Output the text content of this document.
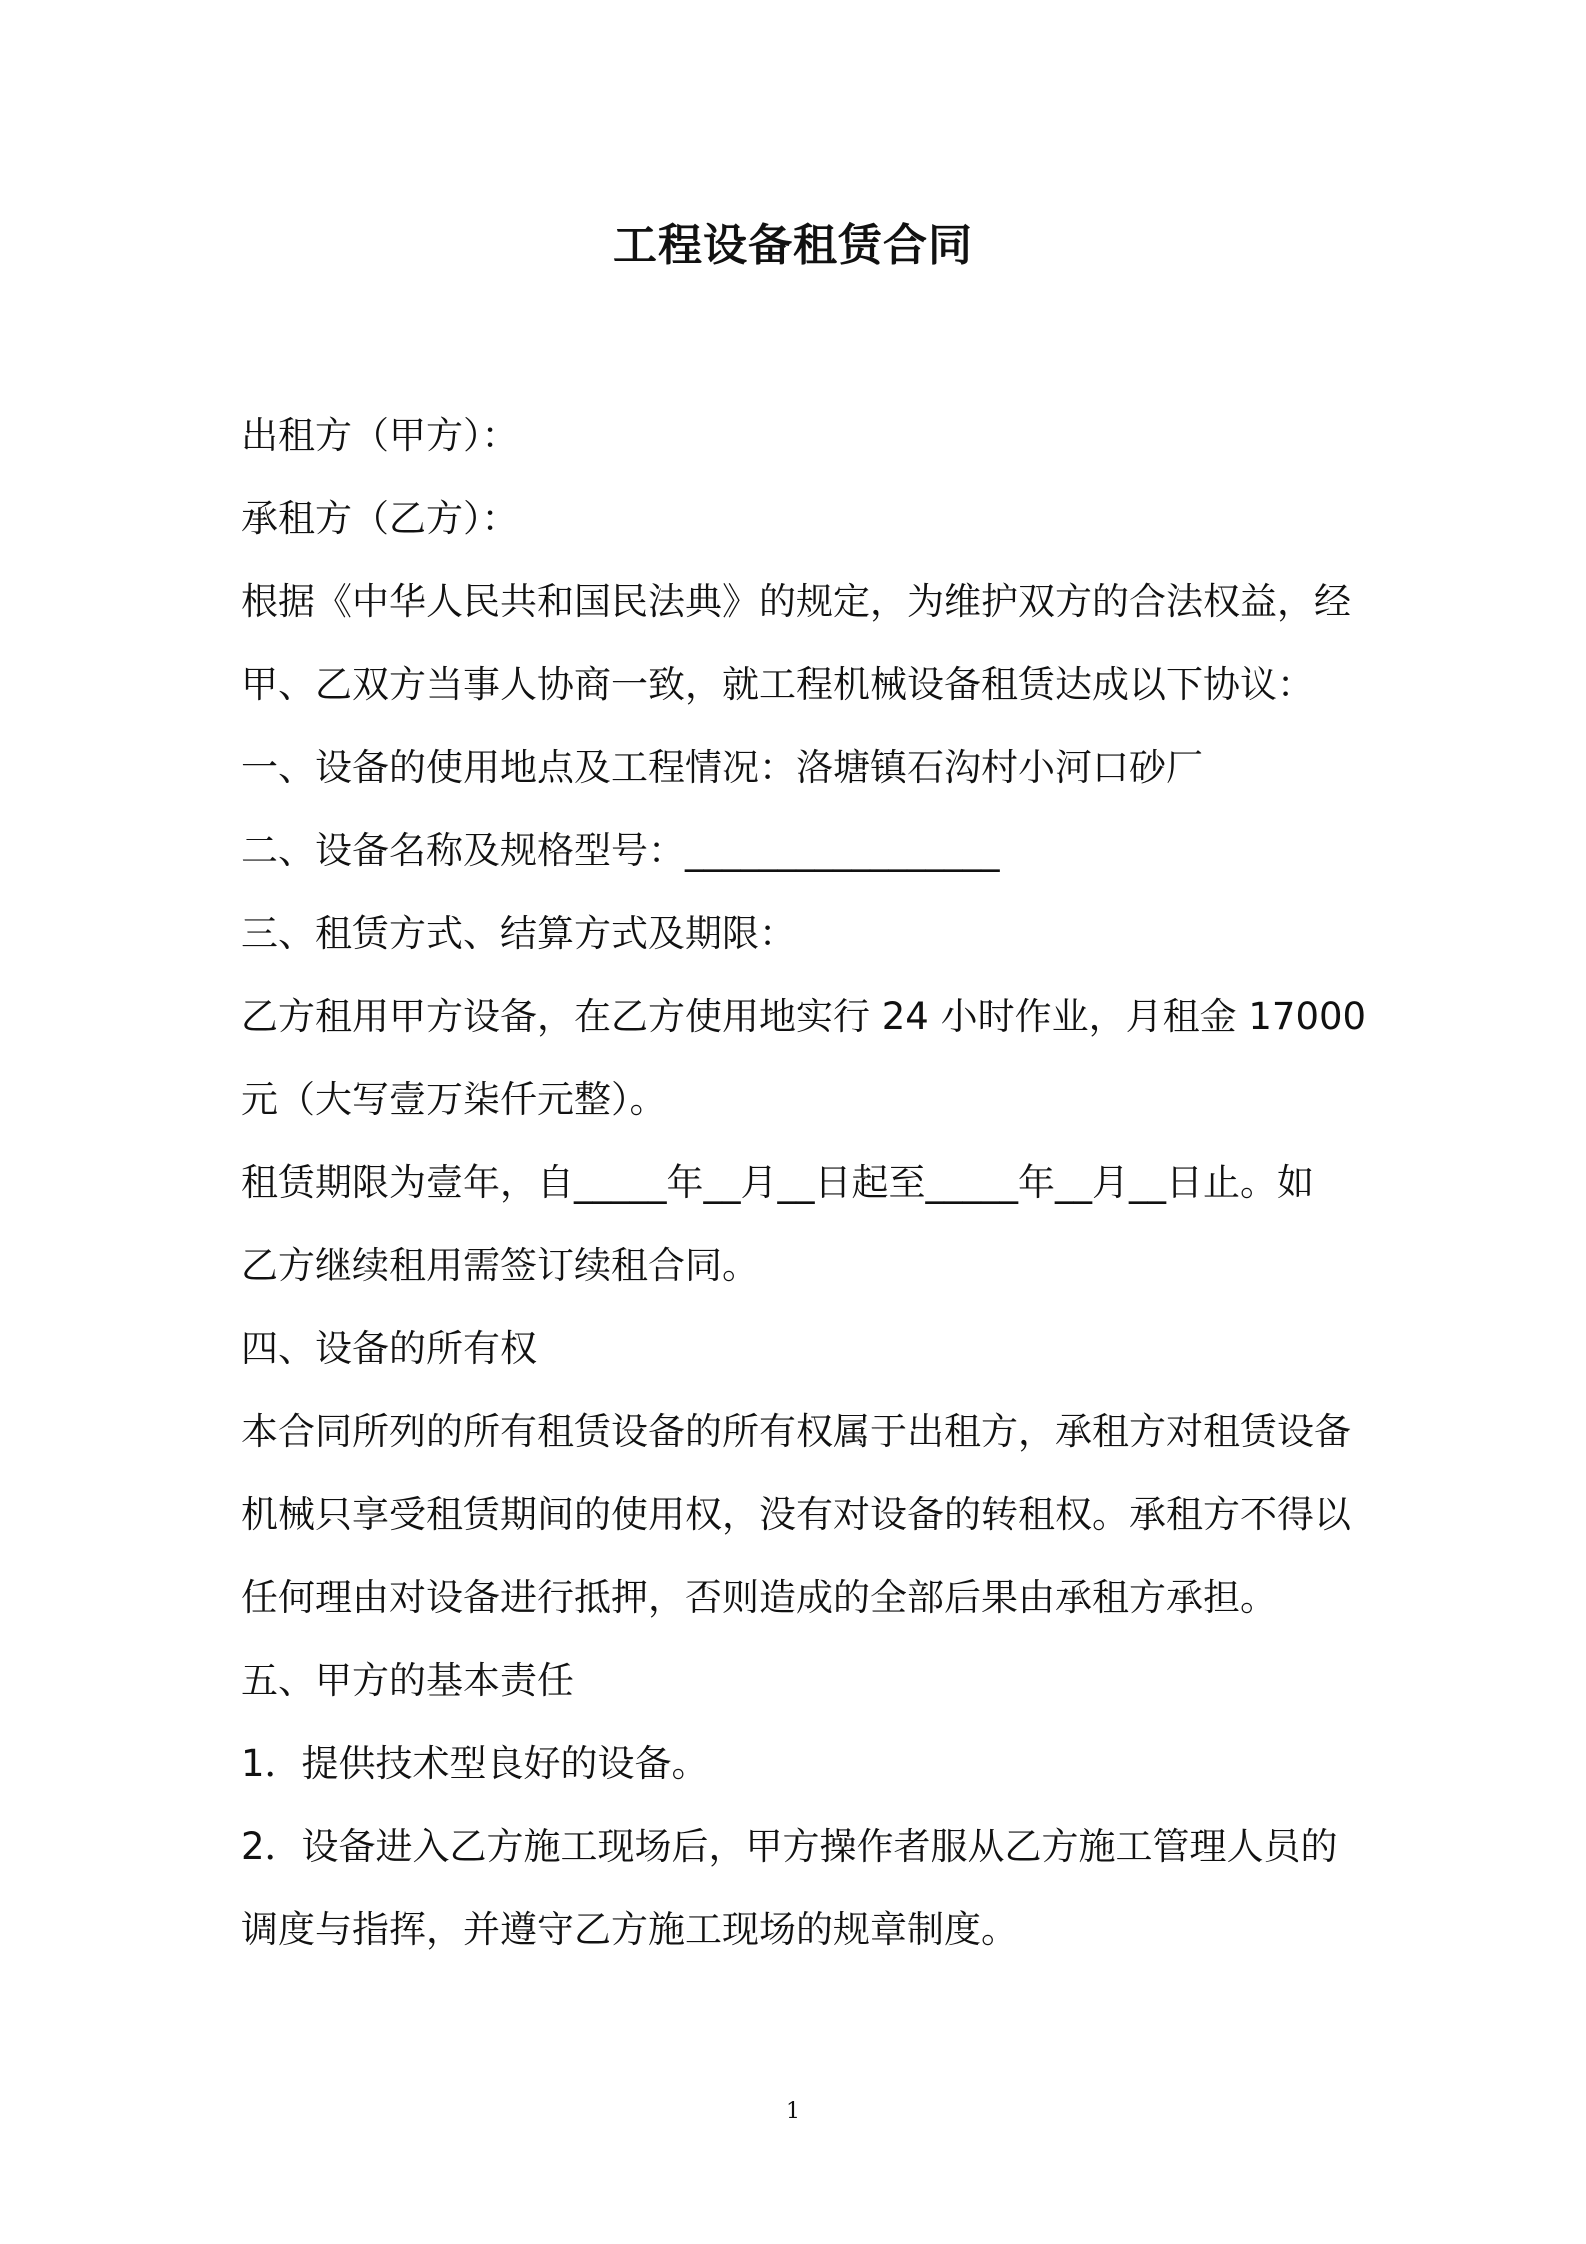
工程设备租赁合同
出租方（甲方）：
承租方（乙方）：
根据《中华人民共和国民法典》的规定，为维护双方的合法权益，经
甲、乙双方当事人协商一致，就工程机械设备租赁达成以下协议：
一、设备的使用地点及工程情况：洛塘镇石沟村小河口砂厂
二、设备名称及规格型号：_________________
三、租赁方式、结算方式及期限：
乙方租用甲方设备，在乙方使用地实行 24 小时作业，月租金 17000
元（大写壹万柒仟元整）。
租赁期限为壹年，自_____年__月__日起至_____年__月__日止。如
乙方继续租用需签订续租合同。
四、设备的所有权
本合同所列的所有租赁设备的所有权属于出租方，承租方对租赁设备
机械只享受租赁期间的使用权，没有对设备的转租权。承租方不得以
任何理由对设备进行抵押，否则造成的全部后果由承租方承担。
五、甲方的基本责任
1．提供技术型良好的设备。
2．设备进入乙方施工现场后，甲方操作者服从乙方施工管理人员的
调度与指挥，并遵守乙方施工现场的规章制度。
1
